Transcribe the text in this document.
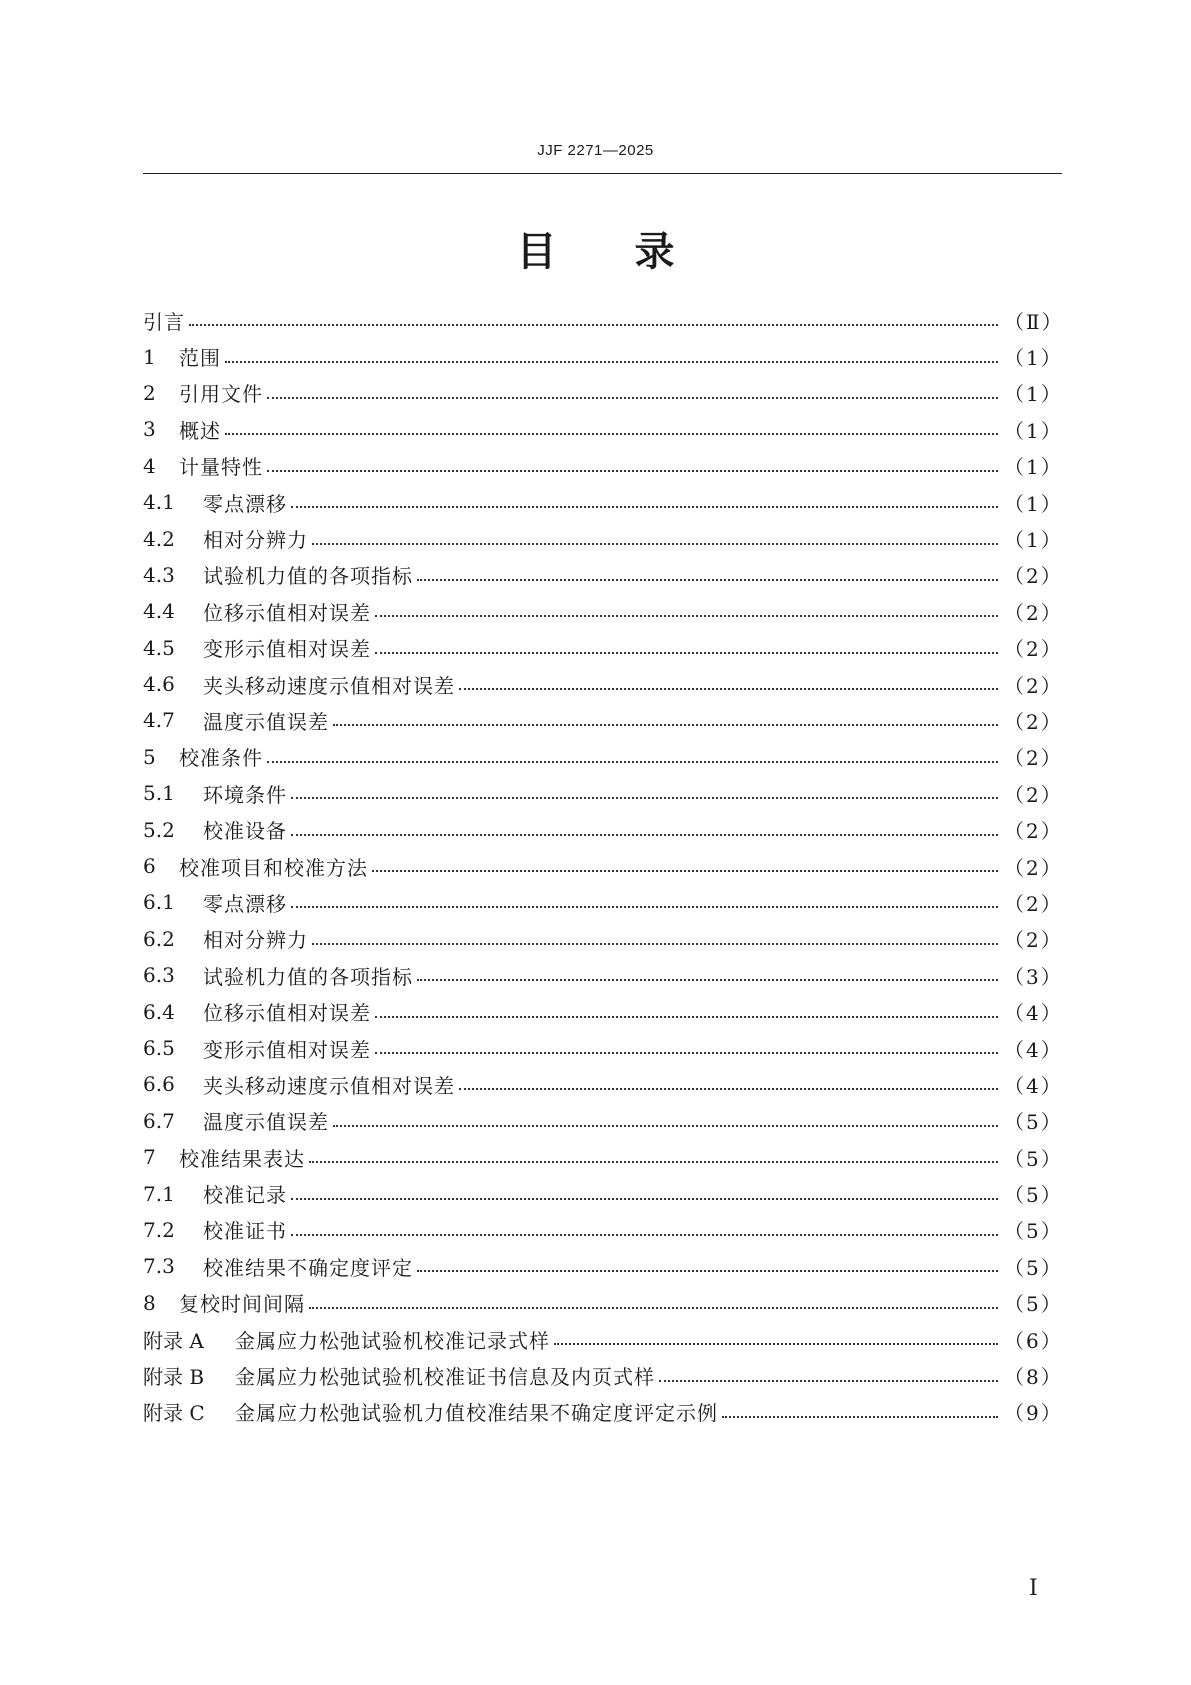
JJF 2271—2025
目 录
引言	（Ⅱ）
1	范围	（1）
2	引用文件	（1）
3	概述	（1）
4	计量特性	（1）
4.1	零点漂移	（1）
4.2	相对分辨力	（1）
4.3	试验机力值的各项指标	（2）
4.4	位移示值相对误差	（2）
4.5	变形示值相对误差	（2）
4.6	夹头移动速度示值相对误差	（2）
4.7	温度示值误差	（2）
5	校准条件	（2）
5.1	环境条件	（2）
5.2	校准设备	（2）
6	校准项目和校准方法	（2）
6.1	零点漂移	（2）
6.2	相对分辨力	（2）
6.3	试验机力值的各项指标	（3）
6.4	位移示值相对误差	（4）
6.5	变形示值相对误差	（4）
6.6	夹头移动速度示值相对误差	（4）
6.7	温度示值误差	（5）
7	校准结果表达	（5）
7.1	校准记录	（5）
7.2	校准证书	（5）
7.3	校准结果不确定度评定	（5）
8	复校时间间隔	（5）
附录 A	金属应力松弛试验机校准记录式样	（6）
附录 B	金属应力松弛试验机校准证书信息及内页式样	（8）
附录 C	金属应力松弛试验机力值校准结果不确定度评定示例	（9）
Ⅰ
